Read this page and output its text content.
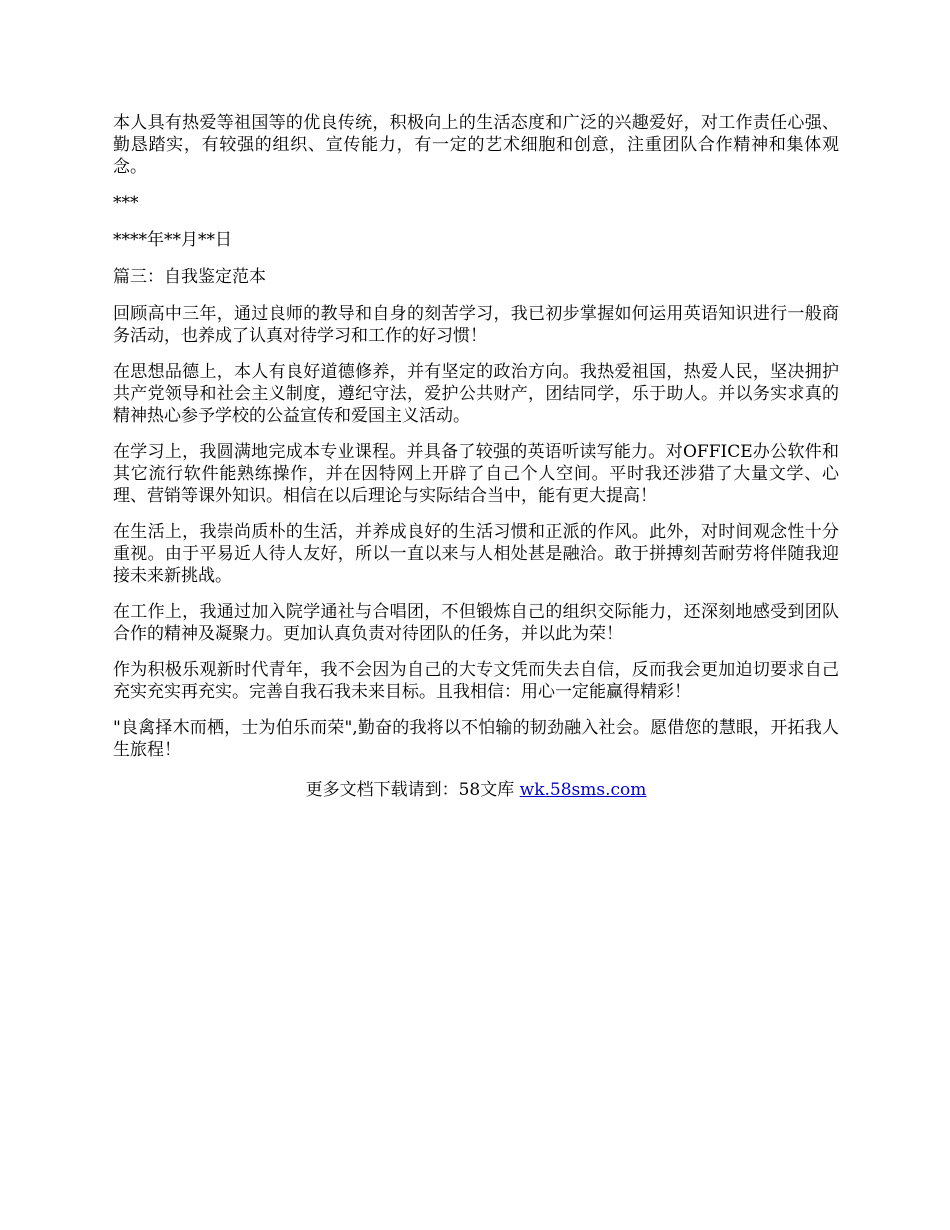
本人具有热爱等祖国等的优良传统，积极向上的生活态度和广泛的兴趣爱好，对工作责任心强、勤恳踏实，有较强的组织、宣传能力，有一定的艺术细胞和创意，注重团队合作精神和集体观念。

***

****年**月**日

篇三：自我鉴定范本

回顾高中三年，通过良师的教导和自身的刻苦学习，我已初步掌握如何运用英语知识进行一般商务活动，也养成了认真对待学习和工作的好习惯！

在思想品德上，本人有良好道德修养，并有坚定的政治方向。我热爱祖国，热爱人民，坚决拥护共产党领导和社会主义制度，遵纪守法，爱护公共财产，团结同学，乐于助人。并以务实求真的精神热心参予学校的公益宣传和爱国主义活动。

在学习上，我圆满地完成本专业课程。并具备了较强的英语听读写能力。对OFFICE办公软件和其它流行软件能熟练操作，并在因特网上开辟了自己个人空间。平时我还涉猎了大量文学、心理、营销等课外知识。相信在以后理论与实际结合当中，能有更大提高！

在生活上，我崇尚质朴的生活，并养成良好的生活习惯和正派的作风。此外，对时间观念性十分重视。由于平易近人待人友好，所以一直以来与人相处甚是融洽。敢于拼搏刻苦耐劳将伴随我迎接未来新挑战。

在工作上，我通过加入院学通社与合唱团，不但锻炼自己的组织交际能力，还深刻地感受到团队合作的精神及凝聚力。更加认真负责对待团队的任务，并以此为荣！

作为积极乐观新时代青年，我不会因为自己的大专文凭而失去自信，反而我会更加迫切要求自己充实充实再充实。完善自我石我未来目标。且我相信：用心一定能赢得精彩！

"良禽择木而栖，士为伯乐而荣",勤奋的我将以不怕输的韧劲融入社会。愿借您的慧眼，开拓我人生旅程！

更多文档下载请到：58文库 wk.58sms.com
